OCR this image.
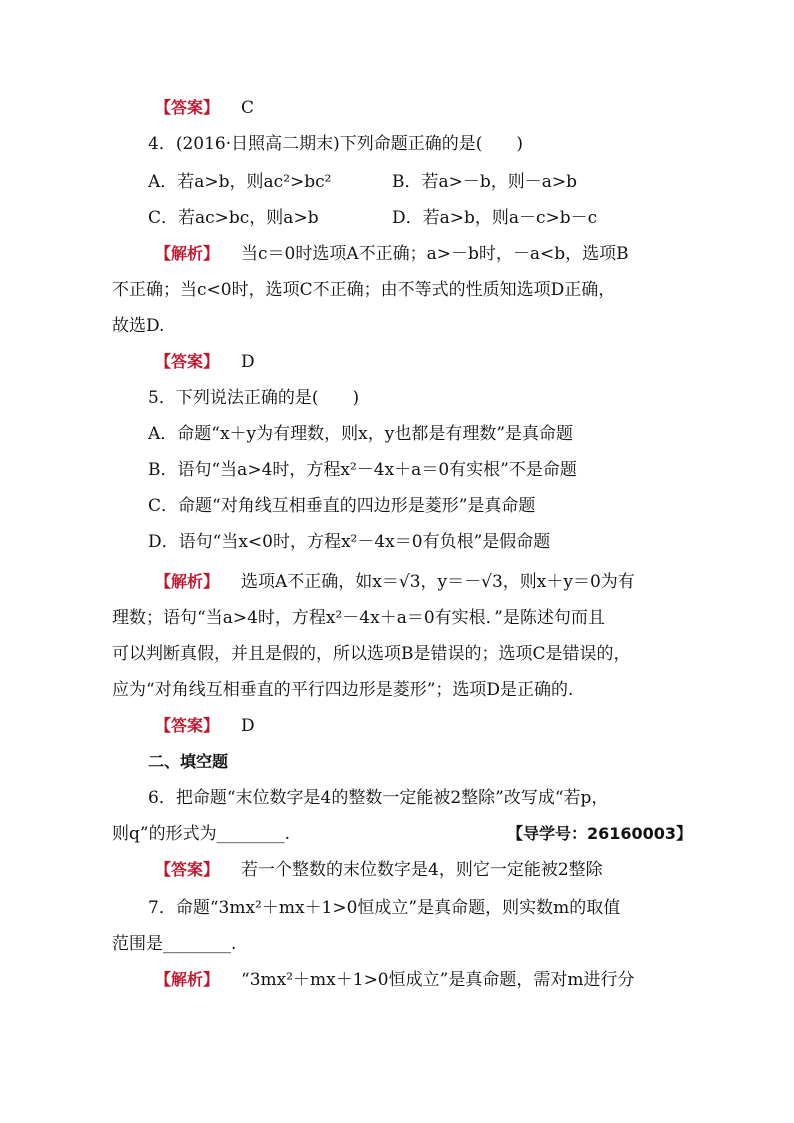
【答案】 C
4．(2016·日照高二期末)下列命题正确的是(　　)
A．若a>b，则ac²>bc²	B．若a>－b，则－a>b
C．若ac>bc，则a>b	D．若a>b，则a－c>b－c
【解析】 当c＝0时选项A不正确；a>－b时，－a<b，选项B
不正确；当c<0时，选项C不正确；由不等式的性质知选项D正确，
故选D.
【答案】 D
5．下列说法正确的是(　　)
A．命题“x＋y为有理数，则x，y也都是有理数”是真命题
B．语句“当a>4时，方程x²－4x＋a＝0有实根”不是命题
C．命题“对角线互相垂直的四边形是菱形”是真命题
D．语句“当x<0时，方程x²－4x＝0有负根”是假命题
【解析】 选项A不正确，如x＝√3，y＝－√3，则x＋y＝0为有
理数；语句“当a>4时，方程x²－4x＋a＝0有实根．”是陈述句而且
可以判断真假，并且是假的，所以选项B是错误的；选项C是错误的，
应为“对角线互相垂直的平行四边形是菱形”；选项D是正确的.
【答案】 D
二、填空题
6．把命题“末位数字是4的整数一定能被2整除”改写成“若p，
则q”的形式为________.	【导学号：26160003】
【答案】 若一个整数的末位数字是4，则它一定能被2整除
7．命题“3mx²＋mx＋1>0恒成立”是真命题，则实数m的取值
范围是________.
【解析】 “3mx²＋mx＋1>0恒成立”是真命题，需对m进行分
